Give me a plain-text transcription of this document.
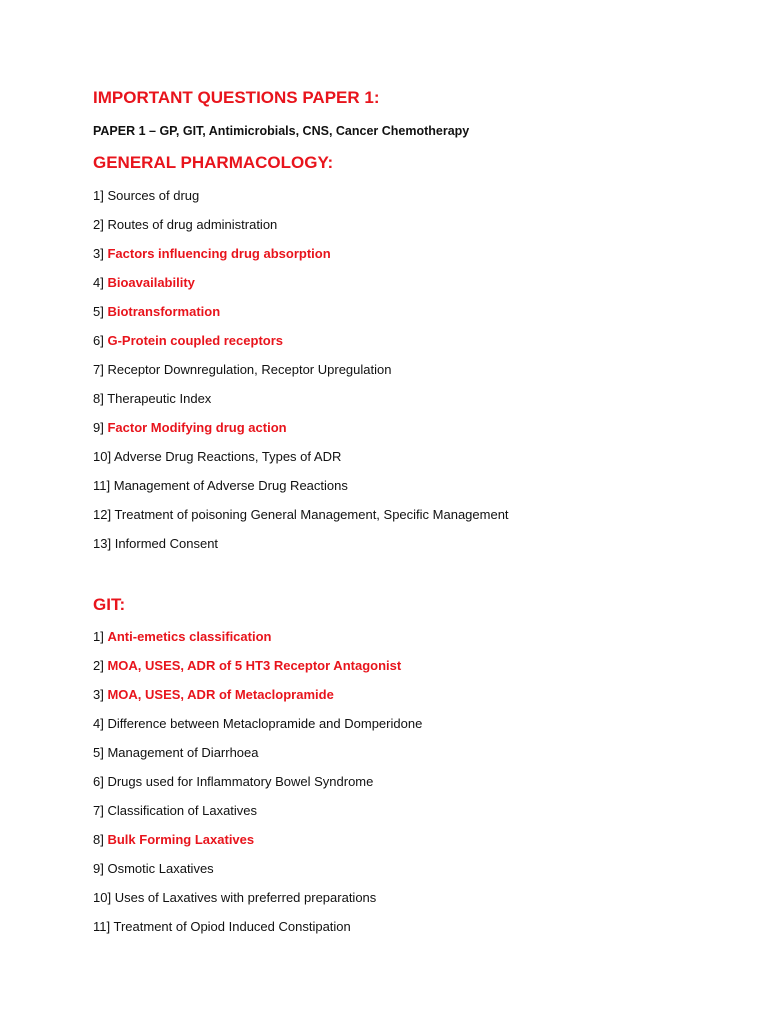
IMPORTANT QUESTIONS PAPER 1:
PAPER 1 – GP, GIT, Antimicrobials, CNS, Cancer Chemotherapy
GENERAL PHARMACOLOGY:
1] Sources of drug
2] Routes of drug administration
3] Factors influencing drug absorption
4] Bioavailability
5] Biotransformation
6] G-Protein coupled receptors
7] Receptor Downregulation, Receptor Upregulation
8] Therapeutic Index
9] Factor Modifying drug action
10] Adverse Drug Reactions, Types of ADR
11] Management of Adverse Drug Reactions
12] Treatment of poisoning General Management, Specific Management
13] Informed Consent
GIT:
1] Anti-emetics classification
2] MOA, USES, ADR of 5 HT3 Receptor Antagonist
3] MOA, USES, ADR of Metaclopramide
4] Difference between Metaclopramide and Domperidone
5] Management of Diarrhoea
6] Drugs used for Inflammatory Bowel Syndrome
7] Classification of Laxatives
8] Bulk Forming Laxatives
9] Osmotic Laxatives
10] Uses of Laxatives with preferred preparations
11] Treatment of Opiod Induced Constipation
